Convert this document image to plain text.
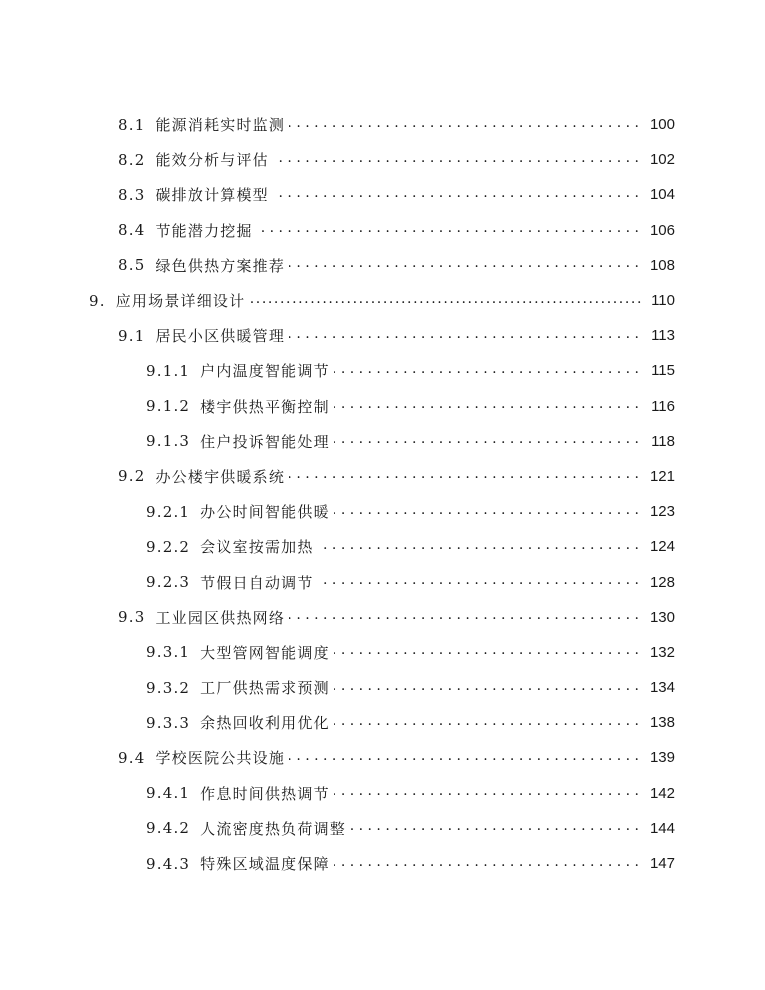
8.1 能源消耗实时监测 . . .	100
8.2 能效分析与评估 . . .	102
8.3 碳排放计算模型 . . .	104
8.4 节能潜力挖掘 . . .	106
8.5 绿色供热方案推荐 . . .	108
9. 应用场景详细设计 .....	110
9.1 居民小区供暖管理 . . .	113
9.1.1 户内温度智能调节 . . .	115
9.1.2 楼宇供热平衡控制 . . .	116
9.1.3 住户投诉智能处理 . . .	118
9.2 办公楼宇供暖系统 . . .	121
9.2.1 办公时间智能供暖 . . .	123
9.2.2 会议室按需加热 . . .	124
9.2.3 节假日自动调节 . . .	128
9.3 工业园区供热网络 . . .	130
9.3.1 大型管网智能调度 . . .	132
9.3.2 工厂供热需求预测 . . .	134
9.3.3 余热回收利用优化 . . .	138
9.4 学校医院公共设施 . . .	139
9.4.1 作息时间供热调节 . . .	142
9.4.2 人流密度热负荷调整 . . .	144
9.4.3 特殊区域温度保障 . . .	147
